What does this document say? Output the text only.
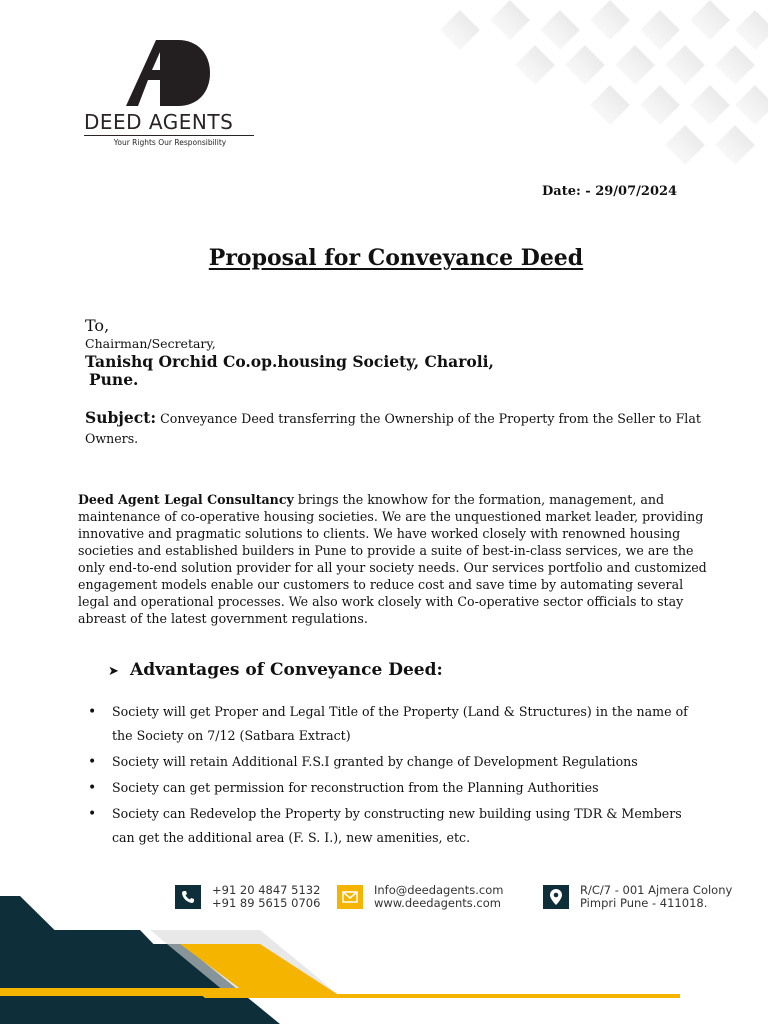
DEED AGENTS
Your Rights Our Responsibility
Date: - 29/07/2024
Proposal for Conveyance Deed
To,
Chairman/Secretary,
Tanishq Orchid Co.op.housing Society, Charoli,
Pune.
Subject: Conveyance Deed transferring the Ownership of the Property from the Seller to Flat Owners.
Deed Agent Legal Consultancy brings the knowhow for the formation, management, and maintenance of co-operative housing societies. We are the unquestioned market leader, providing innovative and pragmatic solutions to clients. We have worked closely with renowned housing societies and established builders in Pune to provide a suite of best-in-class services, we are the only end-to-end solution provider for all your society needs. Our services portfolio and customized engagement models enable our customers to reduce cost and save time by automating several legal and operational processes. We also work closely with Co-operative sector officials to stay abreast of the latest government regulations.
➤ Advantages of Conveyance Deed:
• Society will get Proper and Legal Title of the Property (Land & Structures) in the name of the Society on 7/12 (Satbara Extract)
• Society will retain Additional F.S.I granted by change of Development Regulations
• Society can get permission for reconstruction from the Planning Authorities
• Society can Redevelop the Property by constructing new building using TDR & Members can get the additional area (F. S. I.), new amenities, etc.
+91 20 4847 5132
+91 89 5615 0706
Info@deedagents.com
www.deedagents.com
R/C/7 - 001 Ajmera Colony
Pimpri Pune - 411018.
